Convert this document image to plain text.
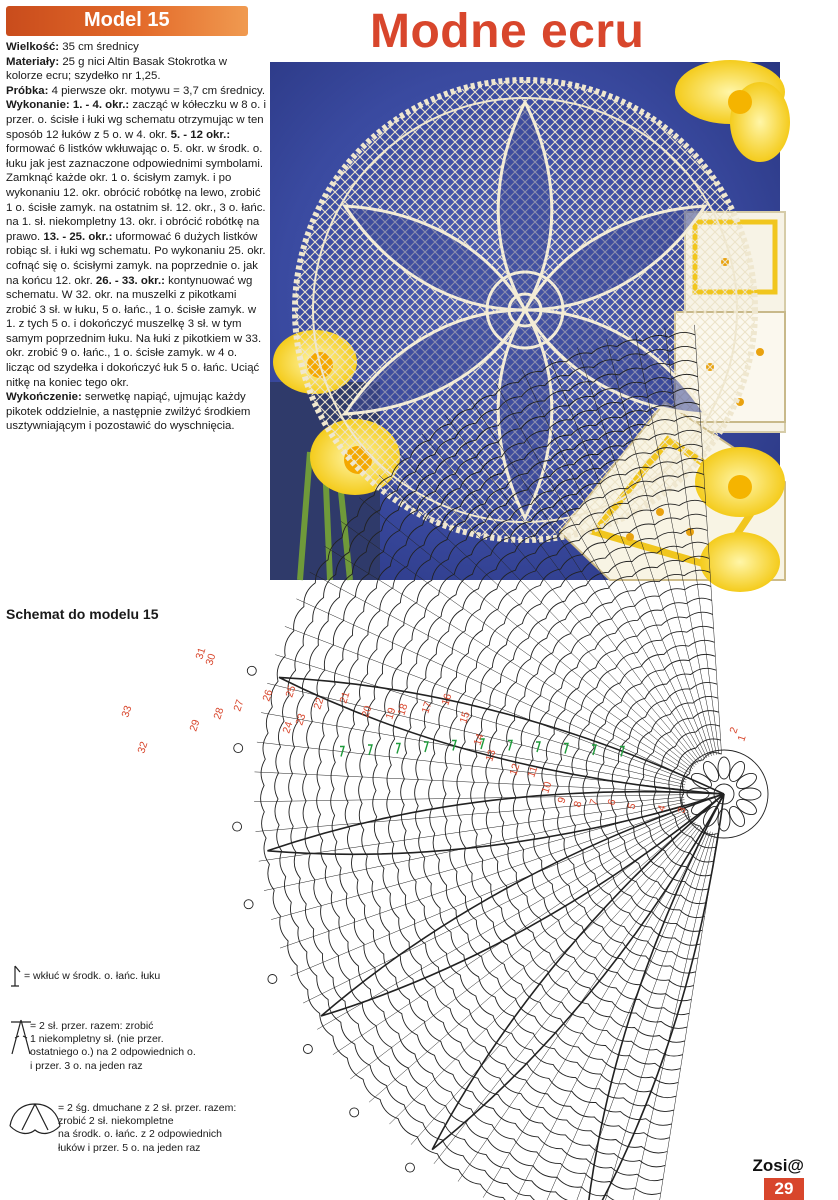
Model 15	Modne ecru

Wielkość: 35 cm średnicy

Materiały: 25 g nici Altin Basak Stokrotka w kolorze ecru; szydełko nr 1,25.

Próbka: 4 pierwsze okr. motywu = 3,7 cm średnicy.

Wykonanie: 1. - 4. okr.: zacząć w kółeczku w 8 o. i przer. o. ścisłe i łuki wg schematu otrzymując w ten sposób 12 łuków z 5 o. w 4. okr. 5. - 12 okr.: formować 6 listków wkłuwając o. 5. okr. w środk. o. łuku jak jest zaznaczone odpowiednimi symbolami. Zamknąć każde okr. 1 o. ścisłym zamyk. i po wykonaniu 12. okr. obrócić robótkę na lewo, zrobić 1 o. ścisłe zamyk. na ostatnim sł. 12. okr., 3 o. łańc. na 1. sł. niekompletny 13. okr. i obrócić robótkę na prawo. 13. - 25. okr.: uformować 6 dużych listków robiąc sł. i łuki wg schematu. Po wykonaniu 25. okr. cofnąć się o. ścisłymi zamyk. na poprzednie o. jak na końcu 12. okr. 26. - 33. okr.: kontynuować wg schematu. W 32. okr. na muszelki z pikotkami zrobić 3 sł. w łuku, 5 o. łańc., 1 o. ścisłe zamyk. w 1. z tych 5 o. i dokończyć muszelkę 3 sł. w tym samym poprzednim łuku. Na łuki z pikotkiem w 33. okr. zrobić 9 o. łańc., 1 o. ścisłe zamyk. w 4 o. licząc od szydełka i dokończyć łuk 5 o. łańc. Uciąć nitkę na koniec tego okr.

Wykończenie: serwetkę napiąć, ujmując każdy pikotek oddzielnie, a następnie zwilżyć środkiem usztywniającym i pozostawić do wyschnięcia.

Schemat do modelu 15
1
2
3
4
5
6
7
8
9
10
11
12
13
14
15
16
17
18
19
20
21
22
23
24
25
26
27
28
29
30
31
32
33
= wkłuć w środk. o. łańc. łuku
= 2 sł. przer. razem: zrobić
1 niekompletny sł. (nie przer.
ostatniego o.) na 2 odpowiednich o.
i przer. 3 o. na jeden raz
= 2 śg. dmuchane z 2 sł. przer. razem:
zrobić 2 sł. niekompletne
na środk. o. łańc. z 2 odpowiednich
łuków i przer. 5 o. na jeden raz
Zosi@
29
